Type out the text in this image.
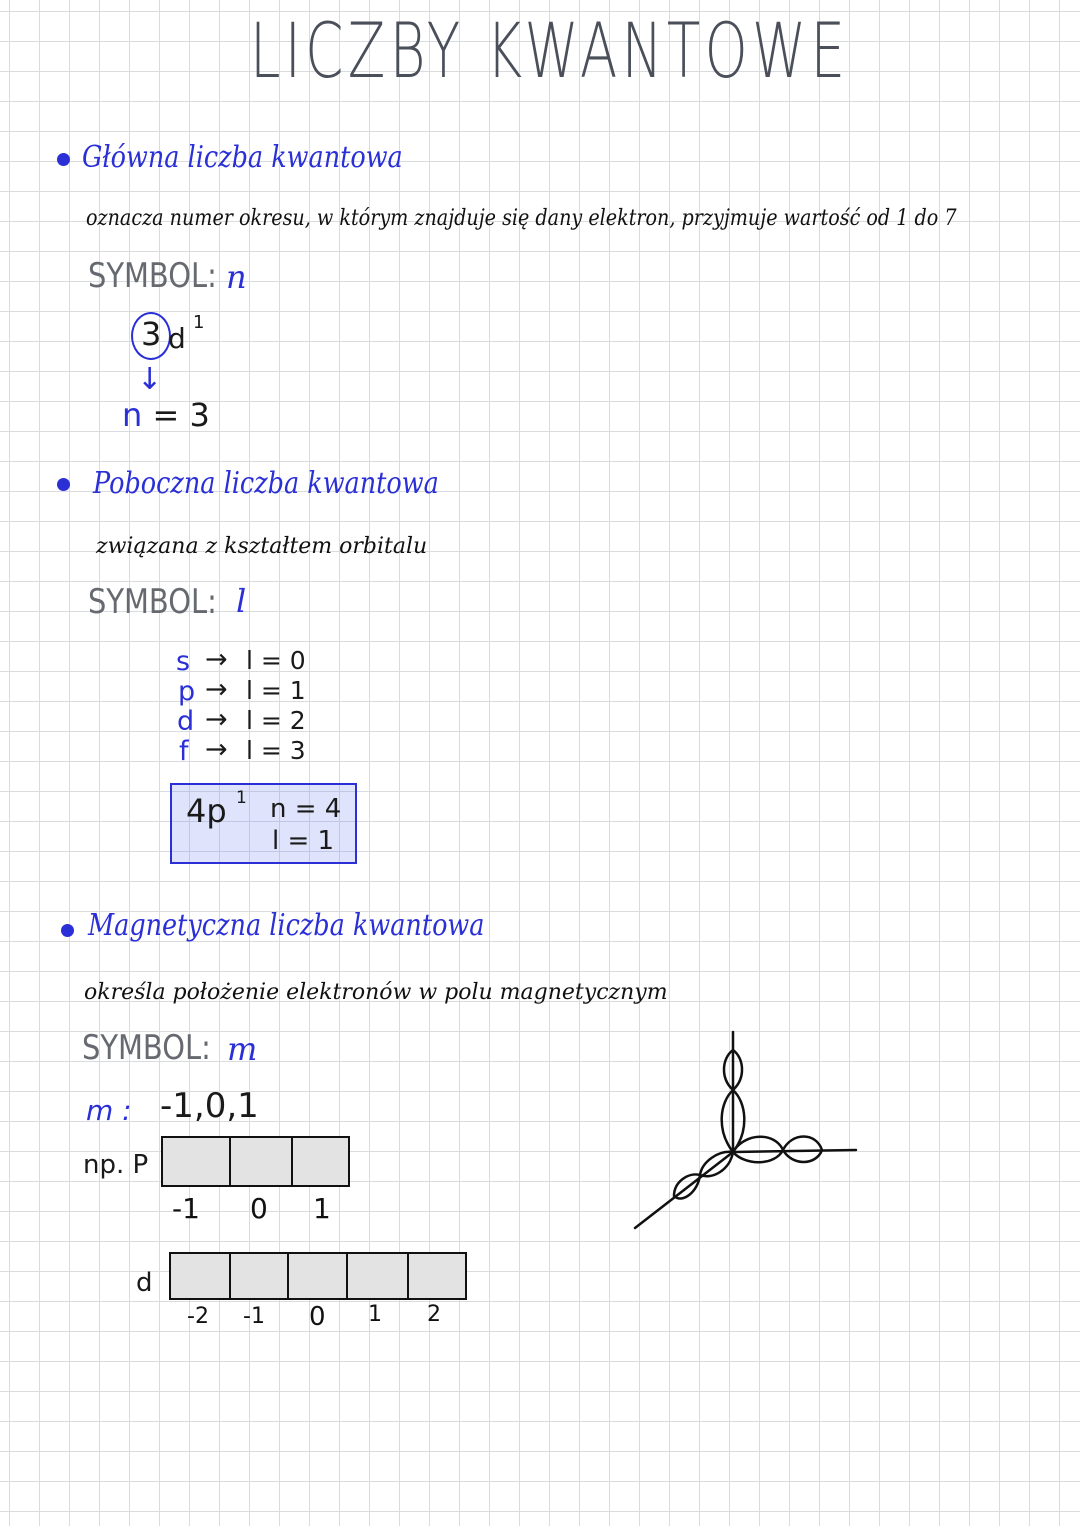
LICZBY KWANTOWE
Główna liczba kwantowa
oznacza numer okresu, w którym znajduje się dany elektron, przyjmuje wartość od 1 do 7
SYMBOL: n
3 d 1
↓
n = 3
Poboczna liczba kwantowa
związana z kształtem orbitalu
SYMBOL: l
s → l = 0
p → l = 1
d → l = 2
f → l = 3
4p 1 n = 4
l = 1
Magnetyczna liczba kwantowa
określa położenie elektronów w polu magnetycznym
SYMBOL: m
m : -1,0,1
np. P
-1 0 1
d
-2 -1 0 1 2
